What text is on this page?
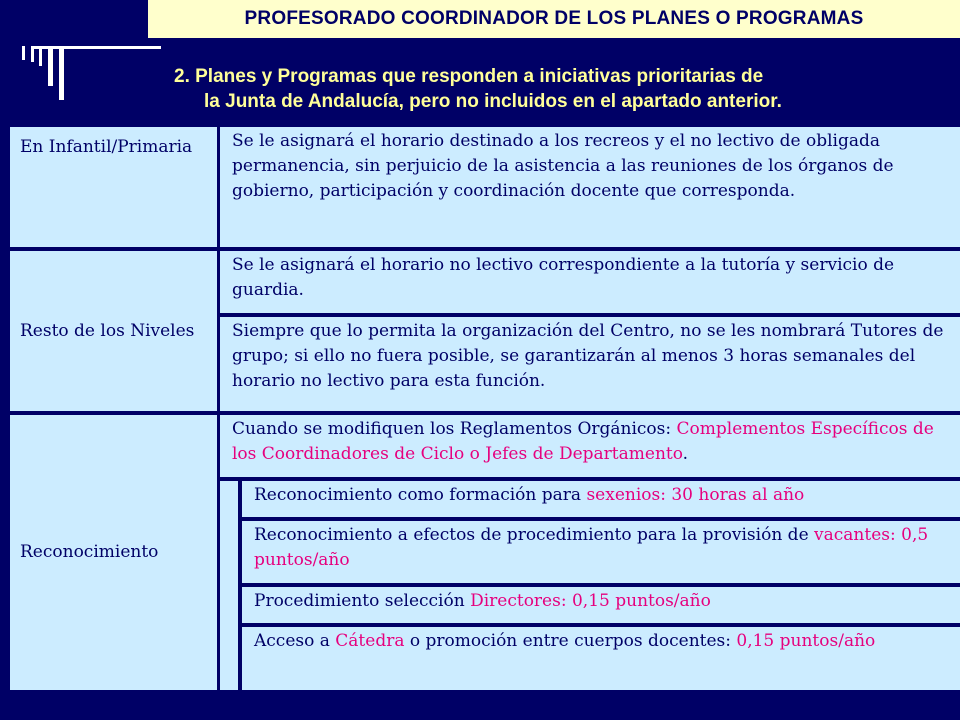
PROFESORADO COORDINADOR DE LOS PLANES O PROGRAMAS
2. Planes y Programas que responden a iniciativas prioritarias de
la Junta de Andalucía, pero no incluidos en el apartado anterior.
En Infantil/Primaria	Se le asignará el horario destinado a los recreos y el no lectivo de obligada permanencia, sin perjuicio de la asistencia a las reuniones de los órganos de gobierno, participación y coordinación docente que corresponda.
Resto de los Niveles
Se le asignará el horario no lectivo correspondiente a la tutoría y servicio de guardia.
Siempre que lo permita la organización del Centro, no se les nombrará Tutores de grupo; si ello no fuera posible, se garantizarán al menos 3 horas semanales del horario no lectivo para esta función.
Reconocimiento
Cuando se modifiquen los Reglamentos Orgánicos: Complementos Específicos de los Coordinadores de Ciclo o Jefes de Departamento.
Reconocimiento como formación para sexenios: 30 horas al año
Reconocimiento a efectos de procedimiento para la provisión de vacantes: 0,5 puntos/año
Procedimiento selección Directores: 0,15 puntos/año
Acceso a Cátedra o promoción entre cuerpos docentes: 0,15 puntos/año
